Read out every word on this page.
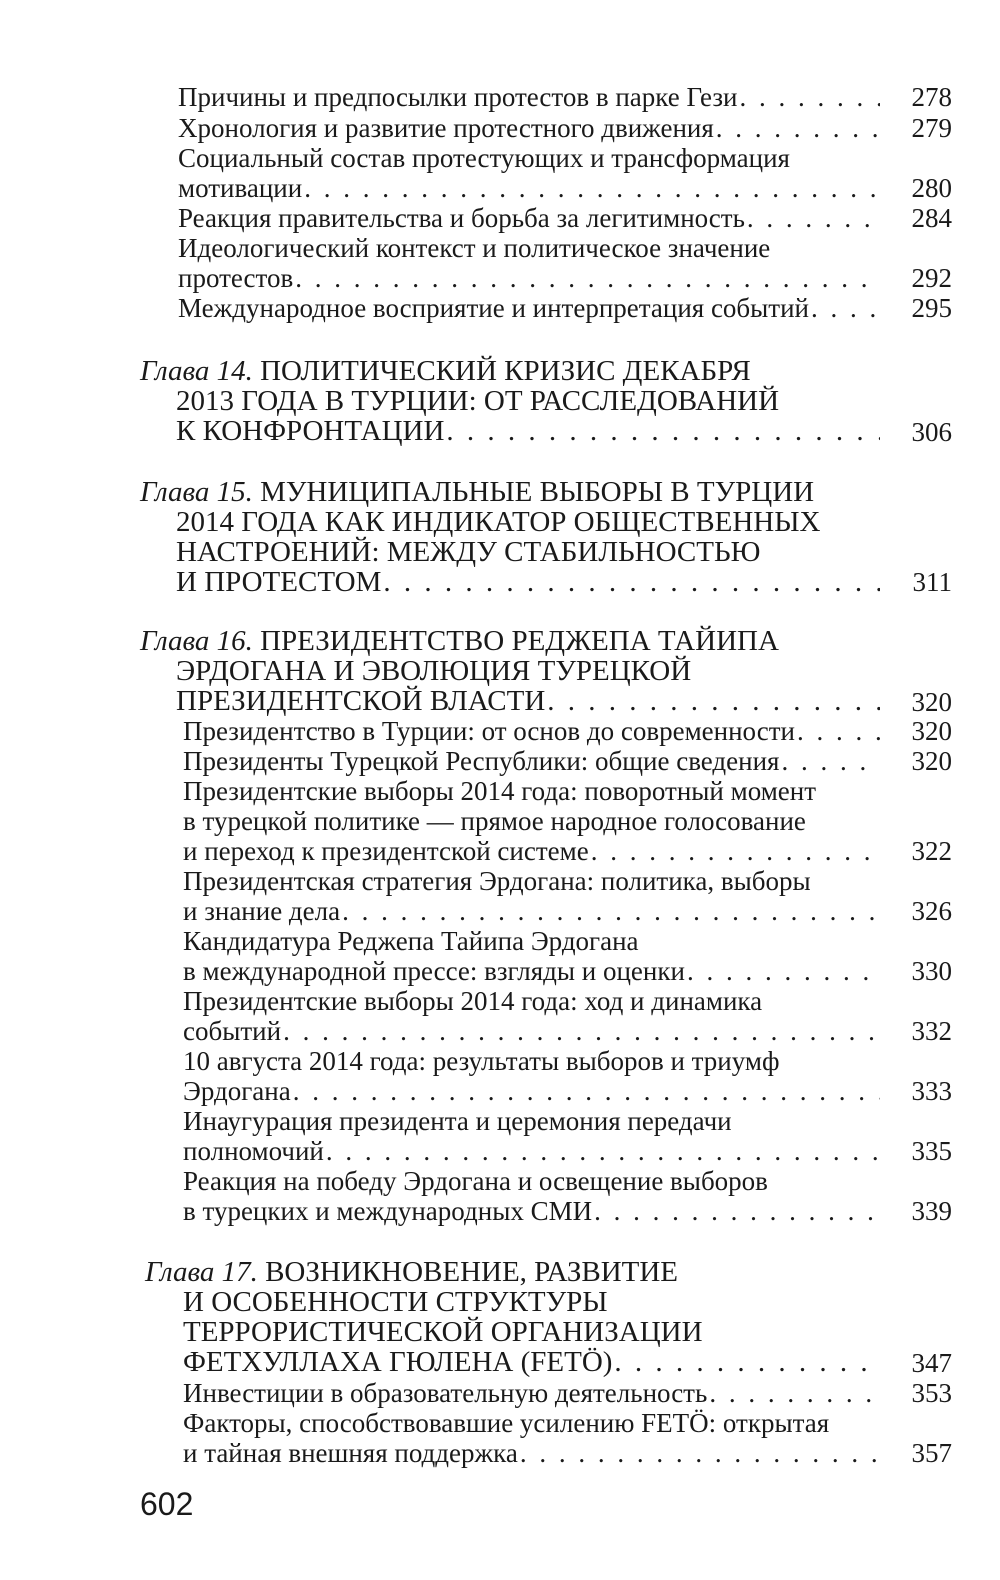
Причины и предпосылки протестов в парке Гези . . .	278
Хронология и развитие протестного движения . . .	279
Социальный состав протестующих и трансформация
мотивации . . .	280
Реакция правительства и борьба за легитимность . . .	284
Идеологический контекст и политическое значение
протестов . . .	292
Международное восприятие и интерпретация событий . . .	295
Глава 14.
ПОЛИТИЧЕСКИЙ КРИЗИС ДЕКАБРЯ
2013 ГОДА В ТУРЦИИ: ОТ РАССЛЕДОВАНИЙ
К КОНФРОНТАЦИИ . . .	306
Глава 15.
МУНИЦИПАЛЬНЫЕ ВЫБОРЫ В ТУРЦИИ
2014 ГОДА КАК ИНДИКАТОР ОБЩЕСТВЕННЫХ
НАСТРОЕНИЙ: МЕЖДУ СТАБИЛЬНОСТЬЮ
И ПРОТЕСТОМ . . .	311
Глава 16.
ПРЕЗИДЕНТСТВО РЕДЖЕПА ТАЙИПА
ЭРДОГАНА И ЭВОЛЮЦИЯ ТУРЕЦКОЙ
ПРЕЗИДЕНТСКОЙ ВЛАСТИ . . .	320
Президентство в Турции: от основ до современности . . .	320
Президенты Турецкой Республики: общие сведения . . .	320
Президентские выборы 2014 года: поворотный момент
в турецкой политике — прямое народное голосование
и переход к президентской системе . . .	322
Президентская стратегия Эрдогана: политика, выборы
и знание дела . . .	326
Кандидатура Реджепа Тайипа Эрдогана
в международной прессе: взгляды и оценки . . .	330
Президентские выборы 2014 года: ход и динамика
событий . . .	332
10 августа 2014 года: результаты выборов и триумф
Эрдогана . . .	333
Инаугурация президента и церемония передачи
полномочий . . .	335
Реакция на победу Эрдогана и освещение выборов
в турецких и международных СМИ . . .	339
Глава 17.
ВОЗНИКНОВЕНИЕ, РАЗВИТИЕ
И ОСОБЕННОСТИ СТРУКТУРЫ
ТЕРРОРИСТИЧЕСКОЙ ОРГАНИЗАЦИИ
ФЕТХУЛЛАХА ГЮЛЕНА (FETÖ) . . .	347
Инвестиции в образовательную деятельность . . .	353
Факторы, способствовавшие усилению FETÖ: открытая
и тайная внешняя поддержка . . .	357
602
